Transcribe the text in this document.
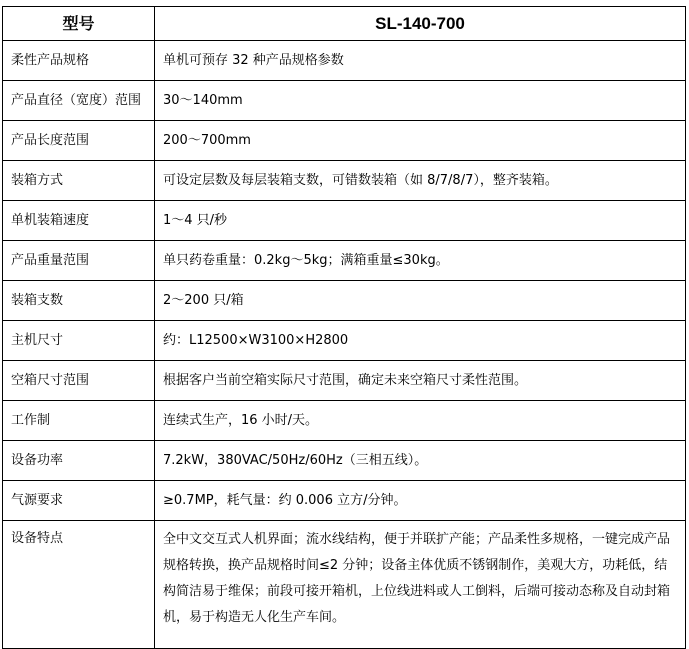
型号	SL-140-700
柔性产品规格	单机可预存 32 种产品规格参数
产品直径（宽度）范围	30～140mm
产品长度范围	200～700mm
装箱方式	可设定层数及每层装箱支数，可错数装箱（如 8/7/8/7），整齐装箱。
单机装箱速度	1～4 只/秒
产品重量范围	单只药卷重量：0.2kg～5kg；满箱重量≤30kg。
装箱支数	2～200 只/箱
主机尺寸	约：L12500×W3100×H2800
空箱尺寸范围	根据客户当前空箱实际尺寸范围，确定未来空箱尺寸柔性范围。
工作制	连续式生产，16 小时/天。
设备功率	7.2kW，380VAC/50Hz/60Hz（三相五线）。
气源要求	≥0.7MP，耗气量：约 0.006 立方/分钟。
设备特点	全中文交互式人机界面；流水线结构，便于并联扩产能；产品柔性多规格，一键完成产品规格转换，换产品规格时间≤2 分钟；设备主体优质不锈钢制作，美观大方，功耗低，结构简洁易于维保；前段可接开箱机，上位线进料或人工倒料，后端可接动态称及自动封箱机，易于构造无人化生产车间。
